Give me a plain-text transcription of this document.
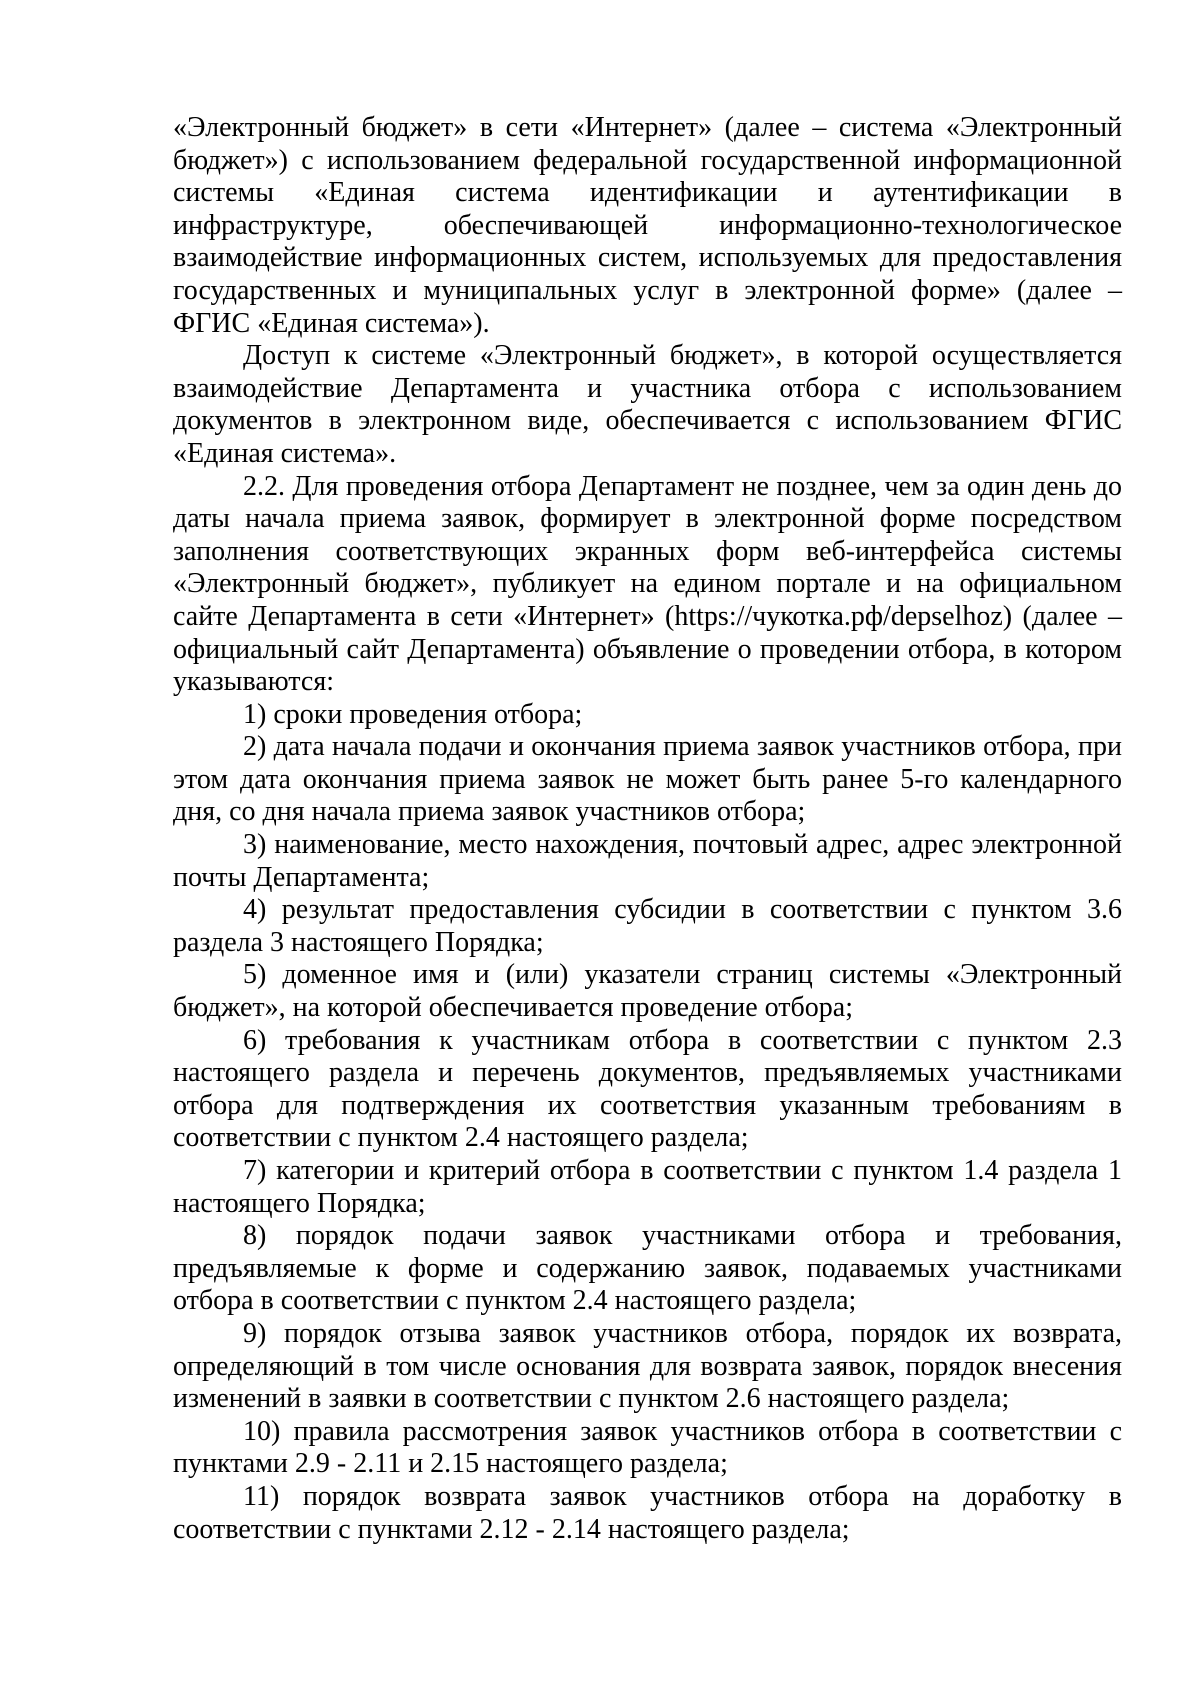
«Электронный бюджет» в сети «Интернет» (далее – система «Электронный бюджет») с использованием федеральной государственной информационной системы «Единая система идентификации и аутентификации в инфраструктуре, обеспечивающей информационно-технологическое взаимодействие информационных систем, используемых для предоставления государственных и муниципальных услуг в электронной форме» (далее – ФГИС «Единая система»).

Доступ к системе «Электронный бюджет», в которой осуществляется взаимодействие Департамента и участника отбора с использованием документов в электронном виде, обеспечивается с использованием ФГИС «Единая система».

2.2. Для проведения отбора Департамент не позднее, чем за один день до даты начала приема заявок, формирует в электронной форме посредством заполнения соответствующих экранных форм веб-интерфейса системы «Электронный бюджет», публикует на едином портале и на официальном сайте Департамента в сети «Интернет» (https://чукотка.рф/depselhoz) (далее – официальный сайт Департамента) объявление о проведении отбора, в котором указываются:

1) сроки проведения отбора;

2) дата начала подачи и окончания приема заявок участников отбора, при этом дата окончания приема заявок не может быть ранее 5-го календарного дня, со дня начала приема заявок участников отбора;

3) наименование, место нахождения, почтовый адрес, адрес электронной почты Департамента;

4) результат предоставления субсидии в соответствии с пунктом 3.6 раздела 3 настоящего Порядка;

5) доменное имя и (или) указатели страниц системы «Электронный бюджет», на которой обеспечивается проведение отбора;

6) требования к участникам отбора в соответствии с пунктом 2.3 настоящего раздела и перечень документов, предъявляемых участниками отбора для подтверждения их соответствия указанным требованиям в соответствии с пунктом 2.4 настоящего раздела;

7) категории и критерий отбора в соответствии с пунктом 1.4 раздела 1 настоящего Порядка;

8) порядок подачи заявок участниками отбора и требования, предъявляемые к форме и содержанию заявок, подаваемых участниками отбора в соответствии с пунктом 2.4 настоящего раздела;

9) порядок отзыва заявок участников отбора, порядок их возврата, определяющий в том числе основания для возврата заявок, порядок внесения изменений в заявки в соответствии с пунктом 2.6 настоящего раздела;

10) правила рассмотрения заявок участников отбора в соответствии с пунктами 2.9 - 2.11 и 2.15 настоящего раздела;

11) порядок возврата заявок участников отбора на доработку в соответствии с пунктами 2.12 - 2.14 настоящего раздела;
